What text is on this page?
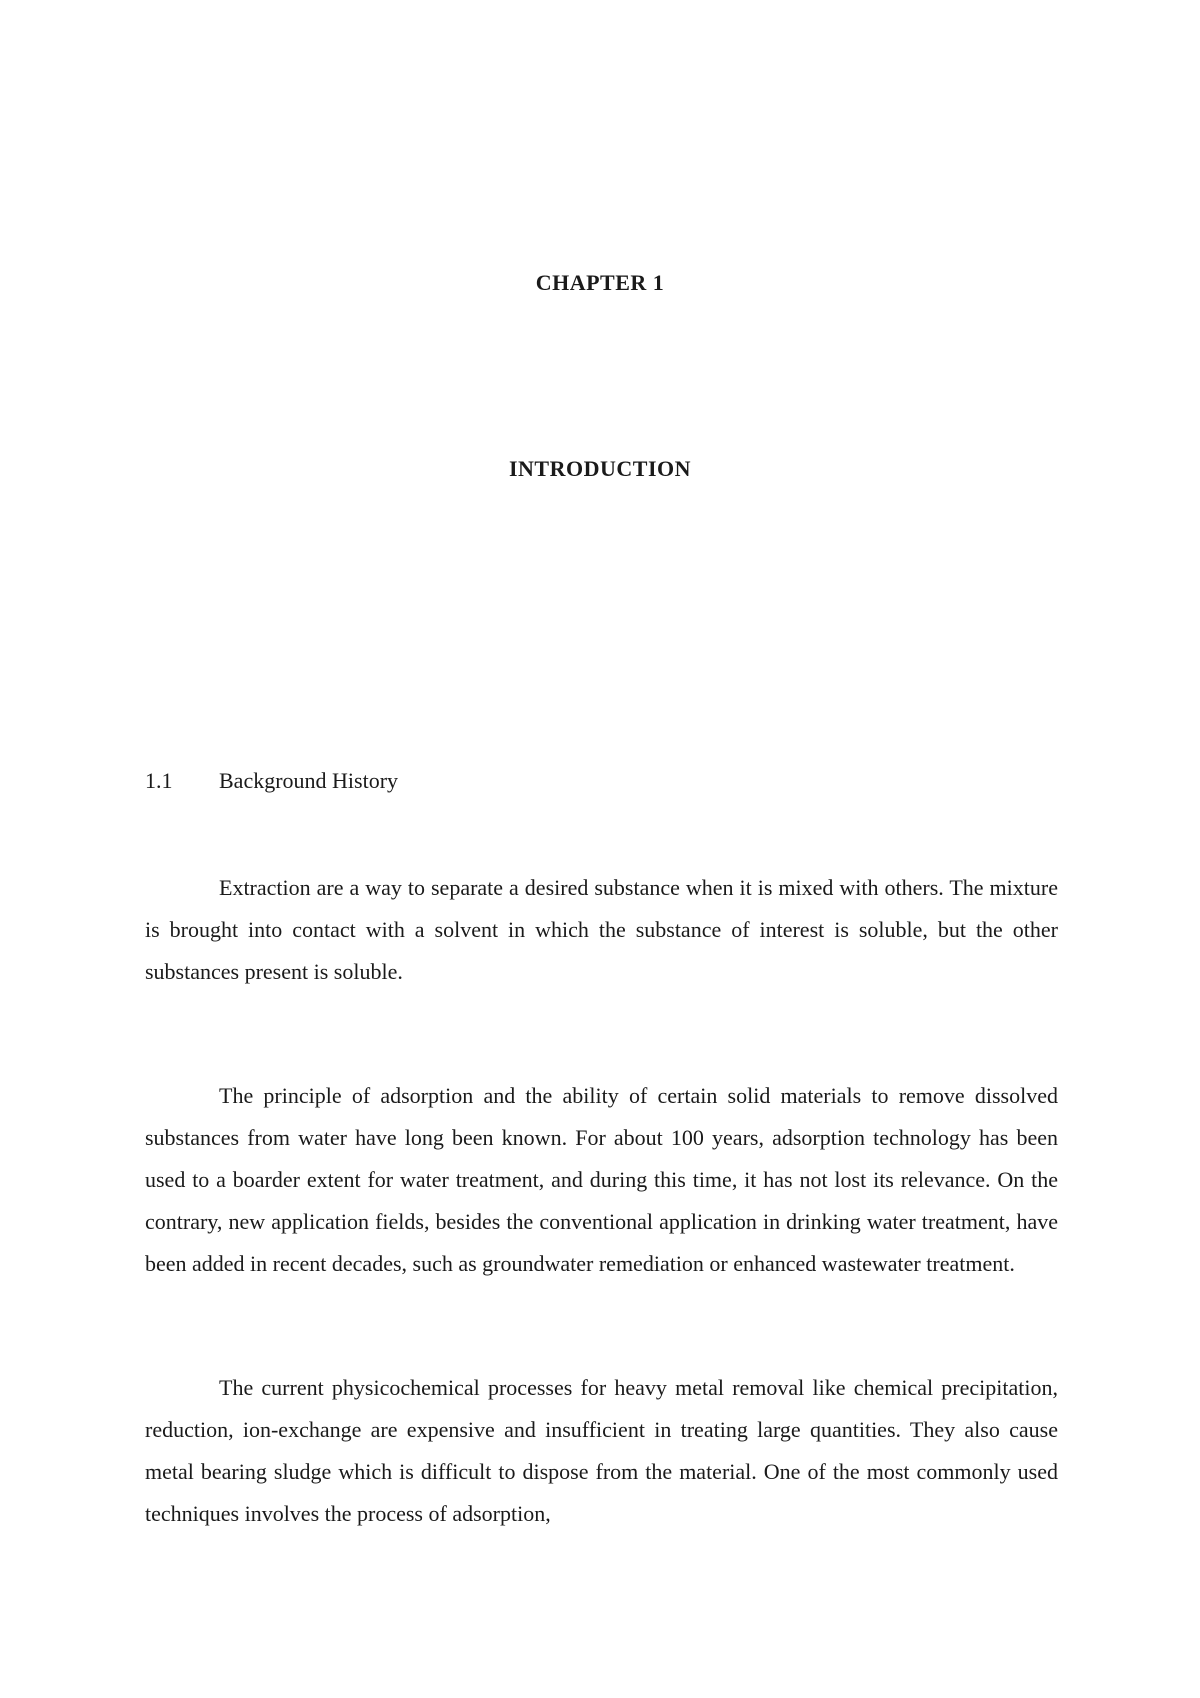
CHAPTER 1
INTRODUCTION
1.1 Background History

Extraction are a way to separate a desired substance when it is mixed with others. The mixture is brought into contact with a solvent in which the substance of interest is soluble, but the other substances present is soluble.

The principle of adsorption and the ability of certain solid materials to remove dissolved substances from water have long been known. For about 100 years, adsorption technology has been used to a boarder extent for water treatment, and during this time, it has not lost its relevance. On the contrary, new application fields, besides the conventional application in drinking water treatment, have been added in recent decades, such as groundwater remediation or enhanced wastewater treatment.

The current physicochemical processes for heavy metal removal like chemical precipitation, reduction, ion-exchange are expensive and insufficient in treating large quantities. They also cause metal bearing sludge which is difficult to dispose from the material. One of the most commonly used techniques involves the process of adsorption,
